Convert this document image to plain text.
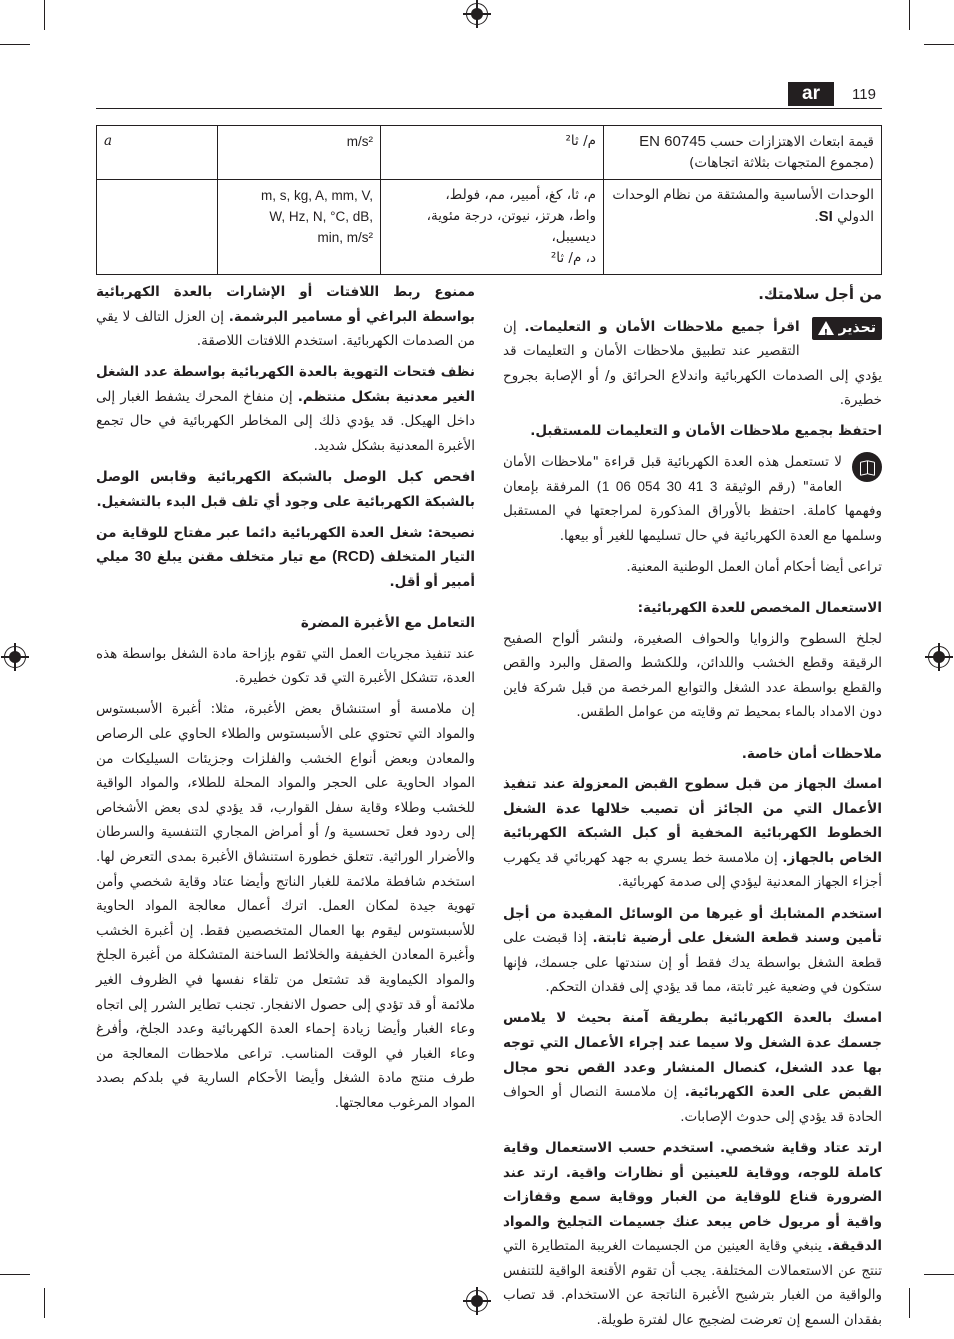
ar	119
قيمة ابتعاث الاهتزازات حسب EN 60745
(مجموع المتجهات بثلاثة اتجاهات)	م/ ثا²	m/s²	a
الوحدات الأساسية والمشتقة من نظام الوحدات
الدولي SI.	م، ثا، كغ، أمبير، مم، فولط،
واط، هرتز، نيوتن، درجة مئوية، ديسيبل،
د، م/ ثا²	m, s, kg, A, mm, V,
W, Hz, N, °C, dB,
min, m/s²	
من أجل سلامتك.
تحذير
!

اقرأ جميع ملاحظات الأمان و التعليمات. إن التقصير عند تطبيق ملاحظات الأمان و التعليمات قد يؤدي إلى الصدمات الكهربائية واندلاع الحرائق و/ أو الإصابة بجروح خطيرة.

احتفظ بجميع ملاحظات الأمان و التعليمات للمستقبل.

لا تستعمل هذه العدة الكهربائية قبل قراءة "ملاحظات الأمان العامة" (رقم الوثيقة 3 41 30 054 06 1) المرفقة بإمعان وفهمها كاملة. احتفظ بالأوراق المذكورة لمراجعتها في المستقبل وسلمها مع العدة الكهربائية في حال تسليمها للغير أو بيعها.

تراعى أيضا أحكام أمان العمل الوطنية المعنية.

الاستعمال المخصص للعدة الكهربائية:

لجلخ السطوح والزوايا والحواف الصغيرة، ولنشر ألواح الصفيح الرقيقة وقطع الخشب واللدائن، وللكشط والصقل والبرد والقص والقطع بواسطة عدد الشغل والتوابع المرخصة من قبل شركة فاين دون الامداد بالماء بمحيط تم وقايته من عوامل الطقس.

ملاحظات أمان خاصة.

امسك الجهاز من قبل سطوح القبض المعزولة عند تنفيذ الأعمال التي من الجائز أن تصيب خلالها عدة الشغل الخطوط الكهربائية المخفية أو كبل الشبكة الكهربائية الخاص بالجهاز. إن ملامسة خط يسري به جهد كهربائي قد يكهرب أجزاء الجهاز المعدنية ليؤدي إلى صدمة كهربائية.

استخدم المشابك أو غيرها من الوسائل المفيدة من أجل تأمين وسند قطعة الشغل على أرضية ثابتة. إذا قبضت على قطعة الشغل بواسطة يدك فقط أو إن سندتها على جسمك، فإنها ستكون في وضعية غير ثابتة، مما قد يؤدي إلى فقدان التحكم.

امسك بالعدة الكهربائية بطريقة آمنة بحيث لا يلامس جسمك عدة الشغل ولا سيما عند إجراء الأعمال التي توجه بها عدد الشغل، كنصال المنشار وعدد القص نحو مجال القبض على العدة الكهربائية. إن ملامسة النصال أو الحواف الحادة قد يؤدي إلى حدوث الإصابات.

ارتد عتاد وقاية شخصي. استخدم حسب الاستعمال وقاية كاملة للوجه، ووقاية للعينين أو نظارات واقية. ارتد عند الضرورة قناع للوقاية من الغبار ووقاية سمع وقفازات واقية أو مريول خاص يبعد عنك جسيمات التجليخ والمواد الدقيقة. ينبغي وقاية العينين من الجسيمات الغريبة المتطايرة التي تنتج عن الاستعمالات المختلفة. يجب أن تقوم الأقنعة الواقية للتنفس والواقية من الغبار بترشيح الأغبرة الناتجة عن الاستخدام. قد تصاب بفقدان السمع إن تعرضت لضجيج عال لفترة طويلة.

ممنوع ربط اللافتات أو الإشارات بالعدة الكهربائية بواسطة البراغي أو مسامير البرشمة. إن العزل التالف لا يقي من الصدمات الكهربائية. استخدم اللافتات اللاصقة.

نظف فتحات التهوية بالعدة الكهربائية بواسطة عدد الشغل الغير معدنية بشكل منتظم. إن منفاخ المحرك يشفط الغبار إلى داخل الهيكل. قد يؤدي ذلك إلى المخاطر الكهربائية في حال تجمع الأغبرة المعدنية بشكل شديد.

افحص كبل الوصل بالشبكة الكهربائية وقابس الوصل بالشبكة الكهربائية على وجود أي تلف قبل البدء بالتشغيل.

نصيحة: شغل العدة الكهربائية دائما عبر مفتاح للوقاية من التيار المتخلف (RCD) مع تيار متخلف مقنن يبلغ 30 ميلي أمبير أو أقل.

التعامل مع الأغبرة المضرة

عند تنفيذ مجريات العمل التي تقوم بإزاحة مادة الشغل بواسطة هذه العدة، تتشكل الأغبرة التي قد تكون خطيرة.

إن ملامسة أو استنشاق بعض الأغبرة، مثلا: أغبرة الأسبستوس والمواد التي تحتوي على الأسبستوس والطلاء الحاوي على الرصاص والمعادن وبعض أنواع الخشب والفلزات وجزيئات السيليكات من المواد الحاوية على الحجر والمواد المحلة للطلاء، والمواد الواقية للخشب وطلاء وقاية سفل القوارب، قد يؤدي لدى بعض الأشخاص إلى ردود فعل تحسسية و/ أو أمراض المجاري التنفسية والسرطان والأضرار الوراثية. تتعلق خطورة استنشاق الأغبرة بمدى التعرض لها. استخدم شافطة ملائمة للغبار الناتج وأيضا عتاد وقاية شخصي وأمن تهوية جيدة لمكان العمل. اترك أعمال معالجة المواد الحاوية للأسبستوس ليقوم بها العمال المتخصصين فقط. إن أغبرة الخشب وأغبرة المعادن الخفيفة والخلائط الساخنة المتشكلة من أغبرة الجلخ والمواد الكيماوية قد تشتعل من تلقاء نفسها في الظروف الغير ملائمة أو قد تؤدي إلى حصول الانفجار. تجنب تطاير الشرر إلى اتجاه وعاء الغبار وأيضا زيادة إحماء العدة الكهربائية وعدد الجلخ، وأفرغ وعاء الغبار في الوقت المناسب. تراعى ملاحظات المعالجة من طرف منتج مادة الشغل وأيضا الأحكام السارية في بلدكم بصدد المواد المرغوب معالجتها.
